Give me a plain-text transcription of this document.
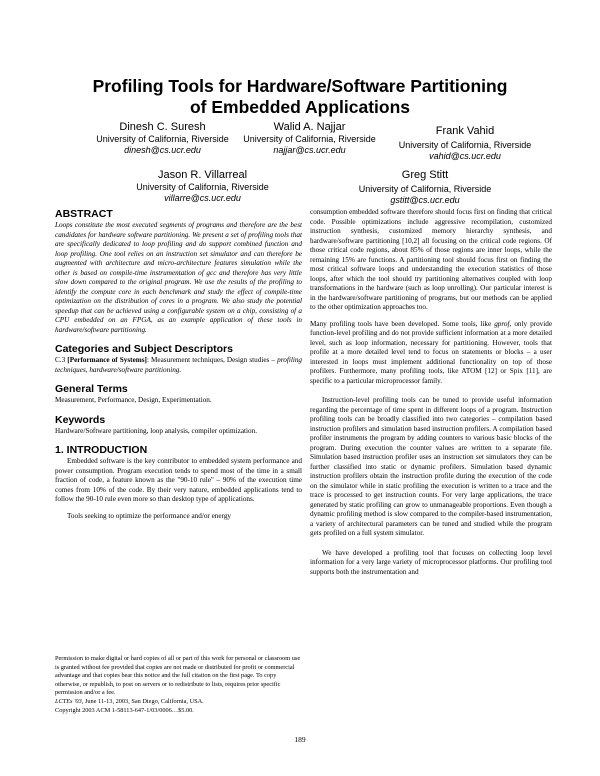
Profiling Tools for Hardware/Software Partitioning
of Embedded Applications
Dinesh C. Suresh
University of California, Riverside
dinesh@cs.ucr.edu
Walid A. Najjar
University of California, Riverside
najjar@cs.ucr.edu
Frank Vahid
University of California, Riverside
vahid@cs.ucr.edu
Jason R. Villarreal
University of California, Riverside
villarre@cs.ucr.edu
Greg Stitt
University of California, Riverside
gstitt@cs.ucr.edu
ABSTRACT

Loops constitute the most executed segments of programs and therefore are the best candidates for hardware software partitioning. We present a set of profiling tools that are specifically dedicated to loop profiling and do support combined function and loop profiling. One tool relies on an instruction set simulator and can therefore be augmented with architecture and micro-architecture features simulation while the other is based on compile-time instrumentation of gcc and therefore has very little slow down compared to the original program. We use the results of the profiling to identify the compute core in each benchmark and study the effect of compile-time optimization on the distribution of cores in a program. We also study the potential speedup that can be achieved using a configurable system on a chip, consisting of a CPU embedded on an FPGA, as an example application of these tools in hardware/software partitioning.

Categories and Subject Descriptors

C.3 [Performance of Systems]: Measurement techniques, Design studies – profiling techniques, hardware/software partitioning.

General Terms

Measurement, Performance, Design, Experimentation.

Keywords

Hardware/Software partitioning, loop analysis, compiler optimization.

1. INTRODUCTION

Embedded software is the key contributor to embedded system performance and power consumption. Program execution tends to spend most of the time in a small fraction of code, a feature known as the "90-10 rule" – 90% of the execution time comes from 10% of the code. By their very nature, embedded applications tend to follow the 90-10 rule even more so than desktop type of applications.

Tools seeking to optimize the performance and/or energy

Permission to make digital or hard copies of all or part of this work for personal or classroom use is granted without fee provided that copies are not made or distributed for profit or commercial advantage and that copies bear this notice and the full citation on the first page. To copy otherwise, or republish, to post on servers or to redistribute to lists, requires prior specific permission and/or a fee.

LCTEs '03, June 11-13, 2003, San Diego, California, USA.

Copyright 2003 ACM 1-58113-647-1/03/0006…$5.00.

consumption embedded software therefore should focus first on finding that critical code. Possible optimizations include aggressive recompilation, customized instruction synthesis, customized memory hierarchy synthesis, and hardware/software partitioning [10,2] all focusing on the critical code regions. Of those critical code regions, about 85% of those regions are inner loops, while the remaining 15% are functions. A partitioning tool should focus first on finding the most critical software loops and understanding the execution statistics of those loops, after which the tool should try partitioning alternatives coupled with loop transformations in the hardware (such as loop unrolling). Our particular interest is in the hardware/software partitioning of programs, but our methods can be applied to the other optimization approaches too.

Many profiling tools have been developed. Some tools, like gprof, only provide function-level profiling and do not provide sufficient information at a more detailed level, such as loop information, necessary for partitioning. However, tools that profile at a more detailed level tend to focus on statements or blocks – a user interested in loops must implement additional functionality on top of those profilers. Furthermore, many profiling tools, like ATOM [12] or Spix [11], are specific to a particular microprocessor family.

Instruction-level profiling tools can be tuned to provide useful information regarding the percentage of time spent in different loops of a program. Instruction profiling tools can be broadly classified into two categories – compilation based instruction profilers and simulation based instruction profilers. A compilation based profiler instruments the program by adding counters to various basic blocks of the program. During execution the counter values are written to a separate file. Simulation based instruction profiler uses an instruction set simulators they can be further classified into static or dynamic profilers. Simulation based dynamic instruction profilers obtain the instruction profile during the execution of the code on the simulator while in static profiling the execution is written to a trace and the trace is processed to get instruction counts. For very large applications, the trace generated by static profiling can grow to unmanageable proportions. Even though a dynamic profiling method is slow compared to the compiler-based instrumentation, a variety of architectural parameters can be tuned and studied while the program gets profiled on a full system simulator.

We have developed a profiling tool that focuses on collecting loop level information for a very large variety of microprocessor platforms. Our profiling tool supports both the instrumentation and

189
